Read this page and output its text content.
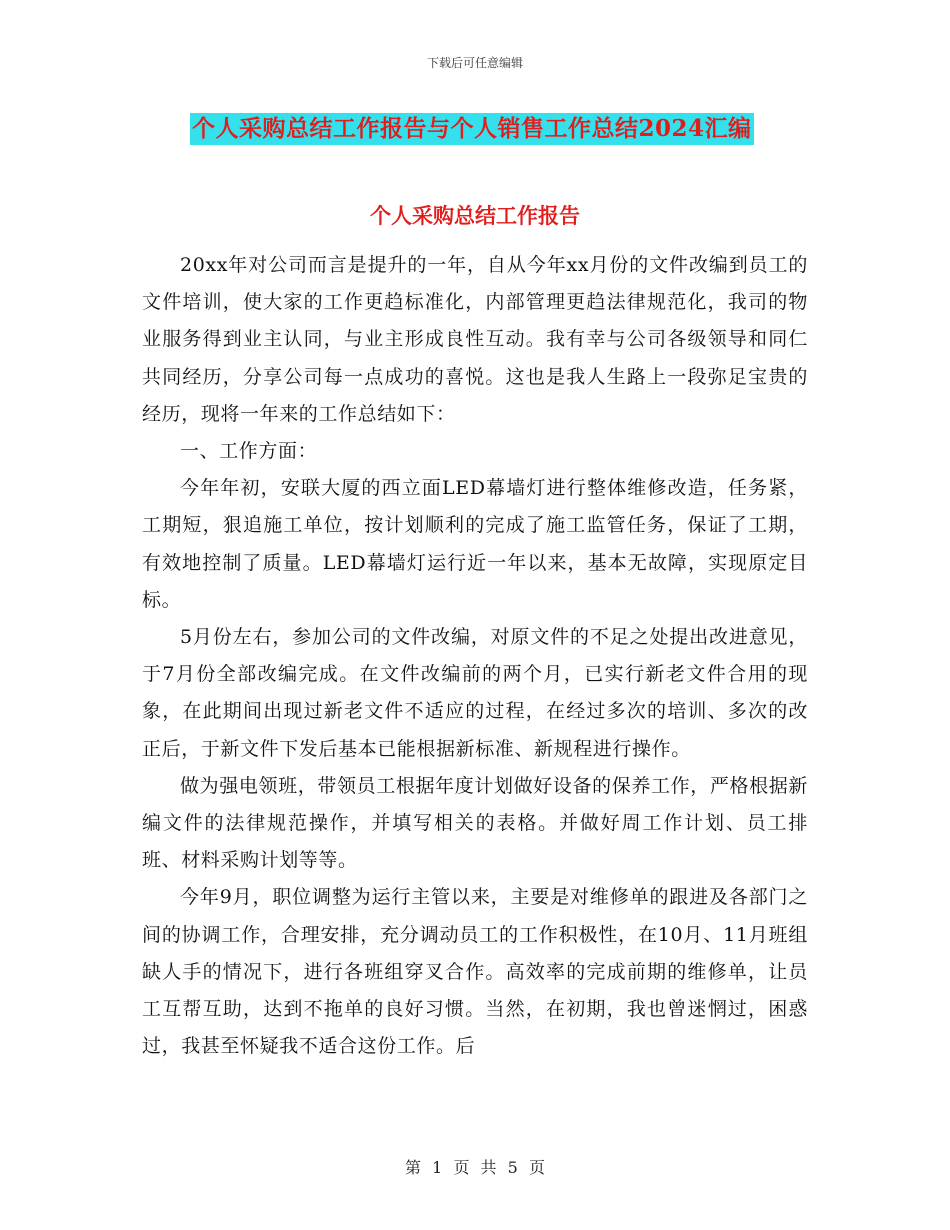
下载后可任意编辑
个人采购总结工作报告与个人销售工作总结2024汇编
个人采购总结工作报告

20xx年对公司而言是提升的一年，自从今年xx月份的文件改编到员工的文件培训，使大家的工作更趋标准化，内部管理更趋法律规范化，我司的物业服务得到业主认同，与业主形成良性互动。我有幸与公司各级领导和同仁共同经历，分享公司每一点成功的喜悦。这也是我人生路上一段弥足宝贵的经历，现将一年来的工作总结如下：

一、工作方面：

今年年初，安联大厦的西立面LED幕墙灯进行整体维修改造，任务紧，工期短，狠追施工单位，按计划顺利的完成了施工监管任务，保证了工期，有效地控制了质量。LED幕墙灯运行近一年以来，基本无故障，实现原定目标。

5月份左右，参加公司的文件改编，对原文件的不足之处提出改进意见，于7月份全部改编完成。在文件改编前的两个月，已实行新老文件合用的现象，在此期间出现过新老文件不适应的过程，在经过多次的培训、多次的改正后，于新文件下发后基本已能根据新标准、新规程进行操作。

做为强电领班，带领员工根据年度计划做好设备的保养工作，严格根据新编文件的法律规范操作，并填写相关的表格。并做好周工作计划、员工排班、材料采购计划等等。

今年9月，职位调整为运行主管以来，主要是对维修单的跟进及各部门之间的协调工作，合理安排，充分调动员工的工作积极性，在10月、11月班组缺人手的情况下，进行各班组穿叉合作。高效率的完成前期的维修单，让员工互帮互助，达到不拖单的良好习惯。当然，在初期，我也曾迷惘过，困惑过，我甚至怀疑我不适合这份工作。后

第 1 页 共 5 页
